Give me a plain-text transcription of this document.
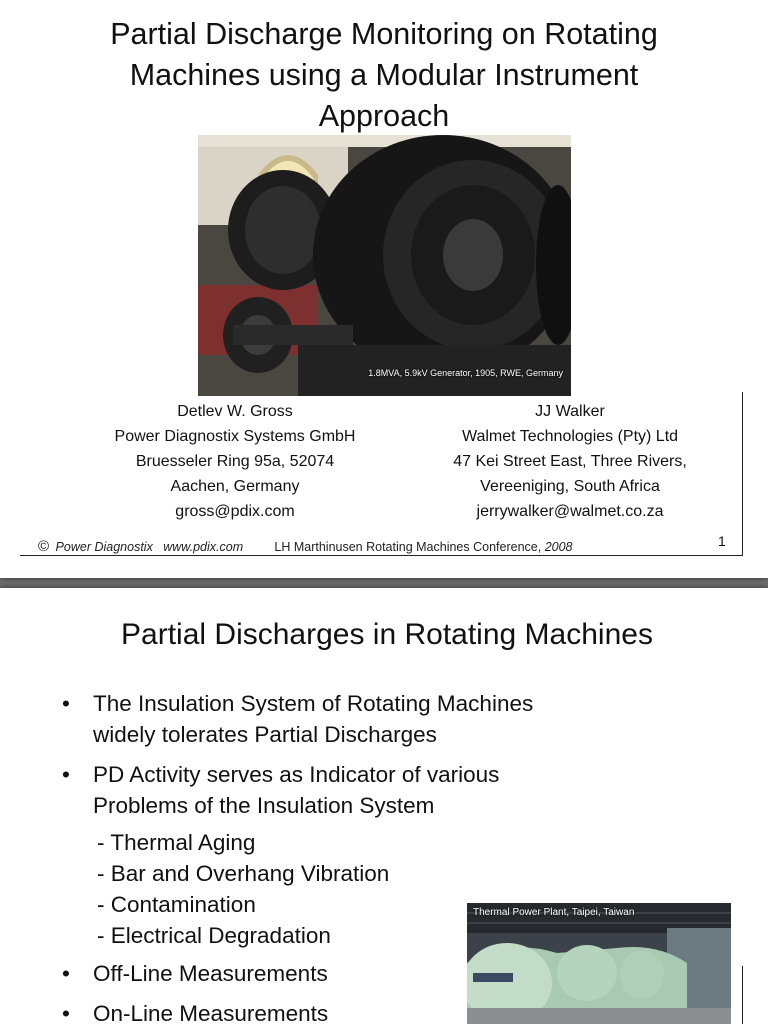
Partial Discharge Monitoring on Rotating
Machines using a Modular Instrument
Approach
1.8MVA, 5.9kV Generator, 1905, RWE, Germany
Detlev W. Gross
Power Diagnostix Systems GmbH
Bruesseler Ring 95a, 52074
Aachen, Germany
gross@pdix.com
JJ Walker
Walmet Technologies (Pty) Ltd
47 Kei Street East, Three Rivers,
Vereeniging, South Africa
jerrywalker@walmet.co.za
© Power Diagnostix www.pdix.com	LH Marthinusen Rotating Machines Conference, 2008	1
Partial Discharges in Rotating Machines
• The Insulation System of Rotating Machines
widely tolerates Partial Discharges
• PD Activity serves as Indicator of various
Problems of the Insulation System
- Thermal Aging
- Bar and Overhang Vibration
- Contamination
- Electrical Degradation
• Off-Line Measurements
• On-Line Measurements
Thermal Power Plant, Taipei, Taiwan
